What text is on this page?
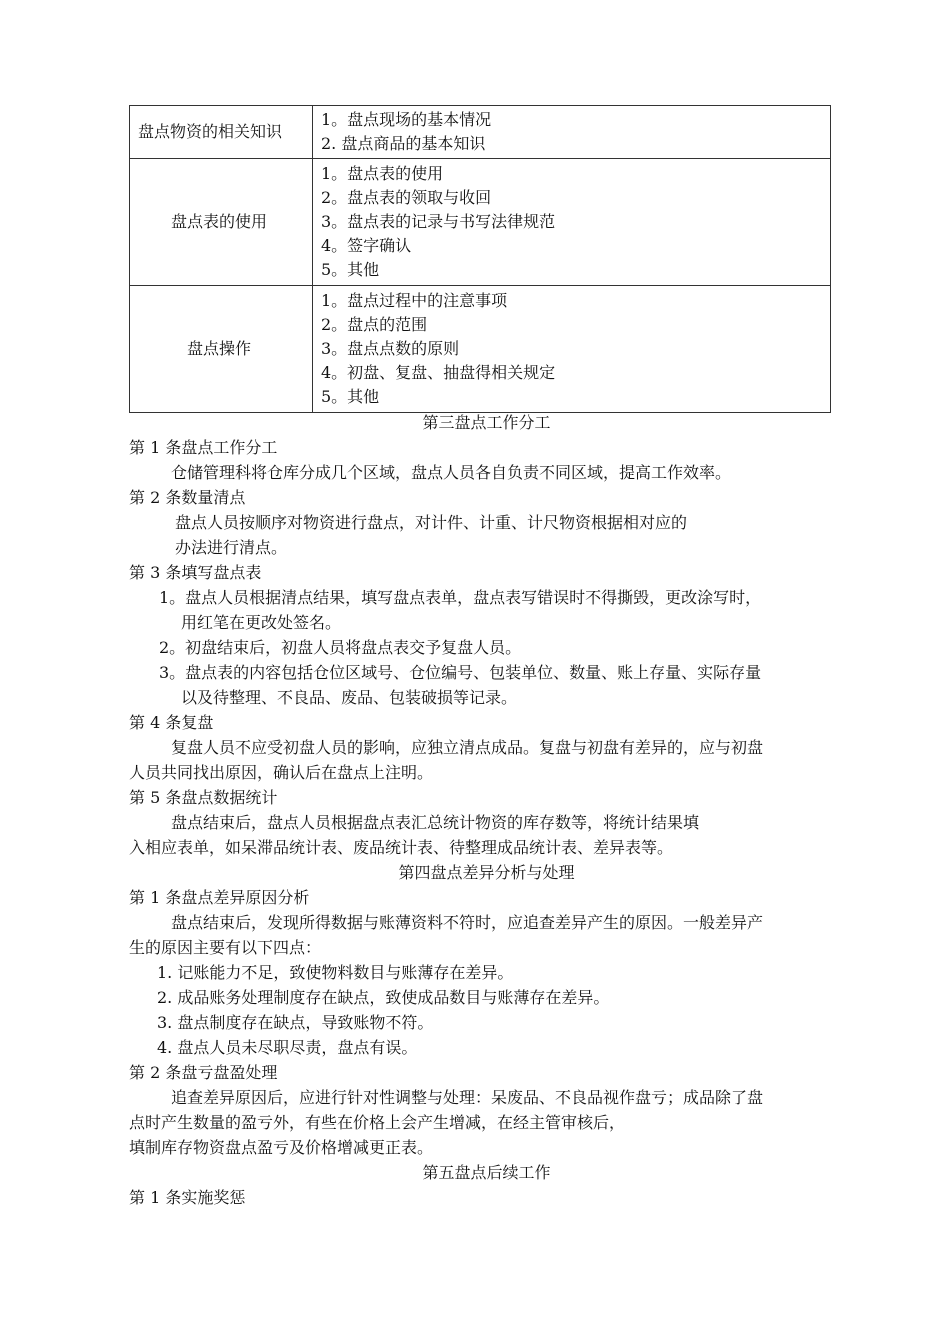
盘点物资的相关知识	1。盘点现场的基本情况
2. 盘点商品的基本知识

盘点表的使用	1。盘点表的使用
2。盘点表的领取与收回
3。盘点表的记录与书写法律规范
4。签字确认
5。其他

盘点操作	1。盘点过程中的注意事项
2。盘点的范围
3。盘点点数的原则
4。初盘、复盘、抽盘得相关规定
5。其他

第三盘点工作分工

第 1 条盘点工作分工

仓储管理科将仓库分成几个区域，盘点人员各自负责不同区域，提高工作效率。

第 2 条数量清点

盘点人员按顺序对物资进行盘点，对计件、计重、计尺物资根据相对应的

办法进行清点。

第 3 条填写盘点表

1。盘点人员根据清点结果，填写盘点表单，盘点表写错误时不得撕毁，更改涂写时，

用红笔在更改处签名。

2。初盘结束后，初盘人员将盘点表交予复盘人员。

3。盘点表的内容包括仓位区域号、仓位编号、包装单位、数量、账上存量、实际存量

以及待整理、不良品、废品、包装破损等记录。

第 4 条复盘

复盘人员不应受初盘人员的影响，应独立清点成品。复盘与初盘有差异的，应与初盘

人员共同找出原因，确认后在盘点上注明。

第 5 条盘点数据统计

盘点结束后，盘点人员根据盘点表汇总统计物资的库存数等，将统计结果填

入相应表单，如呆滞品统计表、废品统计表、待整理成品统计表、差异表等。

第四盘点差异分析与处理

第 1 条盘点差异原因分析

盘点结束后，发现所得数据与账薄资料不符时，应追查差异产生的原因。一般差异产

生的原因主要有以下四点：

1. 记账能力不足，致使物料数目与账薄存在差异。

2. 成品账务处理制度存在缺点，致使成品数目与账薄存在差异。

3. 盘点制度存在缺点，导致账物不符。

4. 盘点人员未尽职尽责，盘点有误。

第 2 条盘亏盘盈处理

追查差异原因后，应进行针对性调整与处理：呆废品、不良品视作盘亏；成品除了盘

点时产生数量的盈亏外，有些在价格上会产生增减，在经主管审核后，

填制库存物资盘点盈亏及价格增减更正表。

第五盘点后续工作

第 1 条实施奖惩
